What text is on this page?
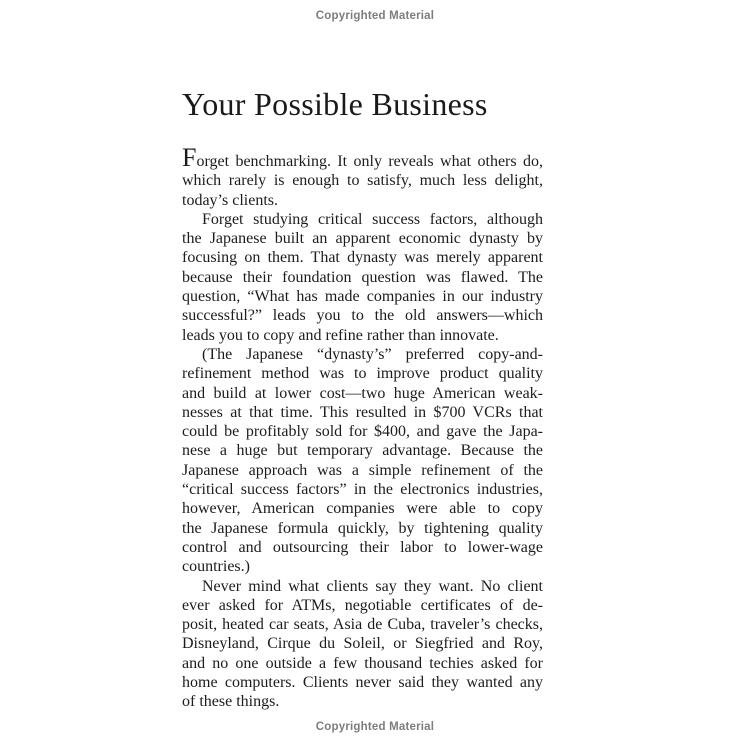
Copyrighted Material
Your Possible Business
Forget benchmarking. It only reveals what others do,
which rarely is enough to satisfy, much less delight,
today’s clients.
Forget studying critical success factors, although
the Japanese built an apparent economic dynasty by
focusing on them. That dynasty was merely apparent
because their foundation question was flawed. The
question, “What has made companies in our industry
successful?” leads you to the old answers—which
leads you to copy and refine rather than innovate.
(The Japanese “dynasty’s” preferred copy-and-
refinement method was to improve product quality
and build at lower cost—two huge American weak-
nesses at that time. This resulted in $700 VCRs that
could be profitably sold for $400, and gave the Japa-
nese a huge but temporary advantage. Because the
Japanese approach was a simple refinement of the
“critical success factors” in the electronics industries,
however, American companies were able to copy
the Japanese formula quickly, by tightening quality
control and outsourcing their labor to lower-wage
countries.)
Never mind what clients say they want. No client
ever asked for ATMs, negotiable certificates of de-
posit, heated car seats, Asia de Cuba, traveler’s checks,
Disneyland, Cirque du Soleil, or Siegfried and Roy,
and no one outside a few thousand techies asked for
home computers. Clients never said they wanted any
of these things.
Copyrighted Material
